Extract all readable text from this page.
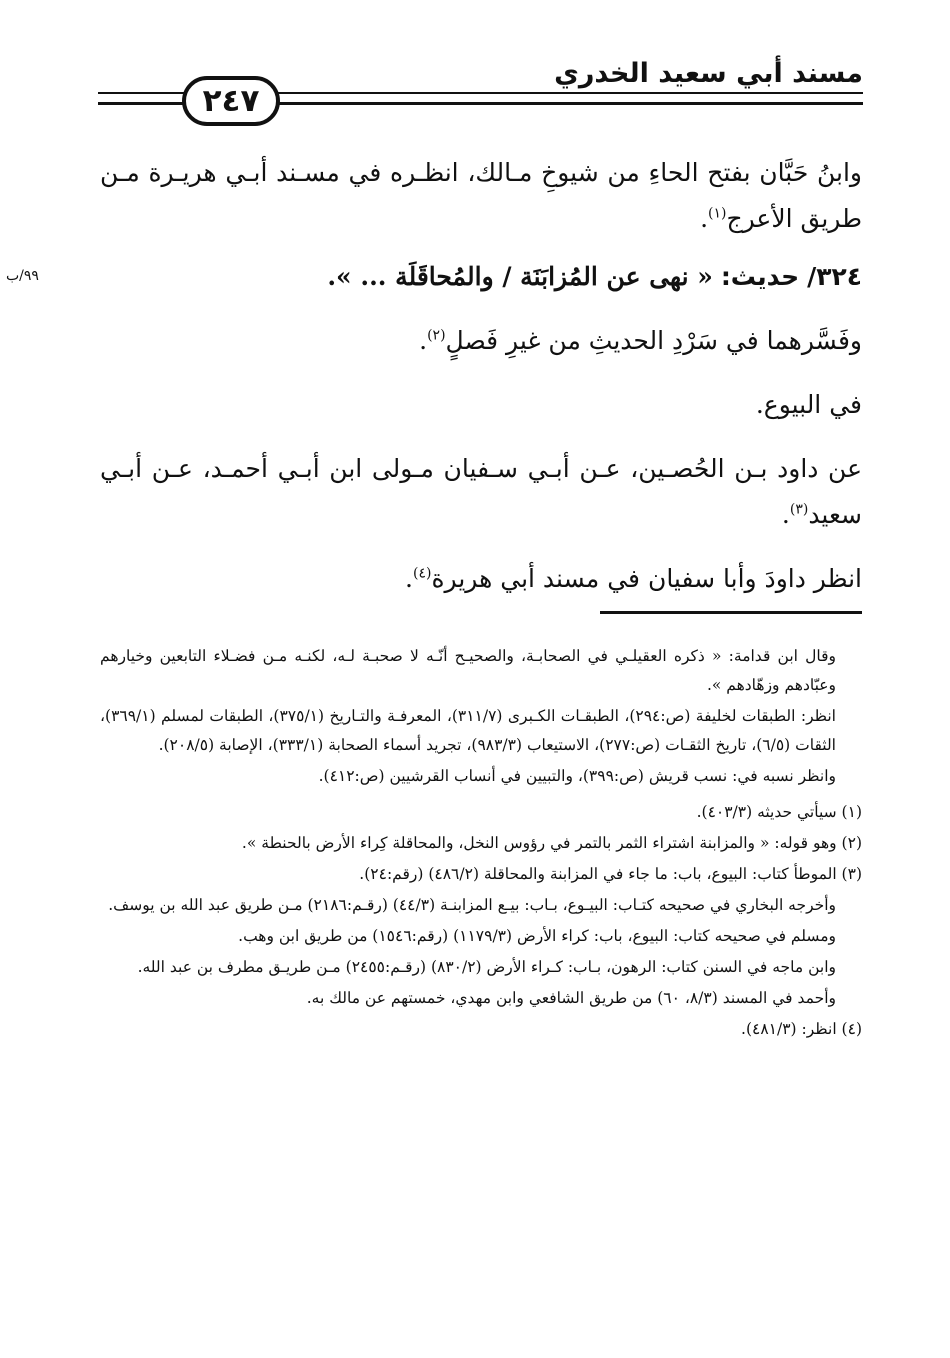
مسند أبي سعيد الخدري
٢٤٧
٩٩/ب

وابنُ حَبَّان بفتح الحاءِ من شيوخِ مـالك، انظـره في مسـند أبـي هريـرة مـن طريق الأعرج$^{(١)}$.

٣٢٤/ حديث: « نهى عن المُزابَنَة / والمُحاقَلَة ... ».

وفَسَّرهما في سَرْدِ الحديثِ من غيرِ فَصلٍ$^{(٢)}$.

في البيوع.

عن داود بـن الحُصـين، عـن أبـي سـفيان مـولى ابن أبـي أحمـد، عـن أبـي سعيد$^{(٣)}$.

انظر داودَ وأبا سفيان في مسند أبي هريرة$^{(٤)}$.

وقال ابن قدامة: « ذكره العقيلـي في الصحابـة، والصحيـح أنّـه لا صحبـة لـه، لكنـه مـن فضـلاء التابعين وخيارهم وعبّادهم وزهّادهم ».

انظر: الطبقات لخليفة (ص:٢٩٤)، الطبقـات الكـبرى (٣١١/٧)، المعرفـة والتـاريخ (٣٧٥/١)، الطبقات لمسلم (٣٦٩/١)، الثقات (٦/٥)، تاريخ الثقـات (ص:٢٧٧)، الاستيعاب (٩٨٣/٣)، تجريد أسماء الصحابة (٣٣٣/١)، الإصابة (٢٠٨/٥).

وانظر نسبه في: نسب قريش (ص:٣٩٩)، والتبيين في أنساب القرشيين (ص:٤١٢).

(١) سيأتي حديثه (٤٠٣/٣).

(٢) وهو قوله: « والمزابنة اشتراء الثمر بالتمر في رؤوس النخل، والمحاقلة كِراء الأرض بالحنطة ».

(٣) الموطأ كتاب: البيوع، باب: ما جاء في المزابنة والمحاقلة (٤٨٦/٢) (رقم:٢٤).

وأخرجه البخاري في صحيحه كتـاب: البيـوع، بـاب: بيـع المزابنـة (٤٤/٣) (رقـم:٢١٨٦) مـن طريق عبد الله بن يوسف.

ومسلم في صحيحه كتاب: البيوع، باب: كراء الأرض (١١٧٩/٣) (رقم:١٥٤٦) من طريق ابن وهب.

وابن ماجه في السنن كتاب: الرهون، بـاب: كـراء الأرض (٨٣٠/٢) (رقـم:٢٤٥٥) مـن طريـق مطرف بن عبد الله.

وأحمد في المسند (٨/٣، ٦٠) من طريق الشافعي وابن مهدي، خمستهم عن مالك به.

(٤) انظر: (٤٨١/٣).
